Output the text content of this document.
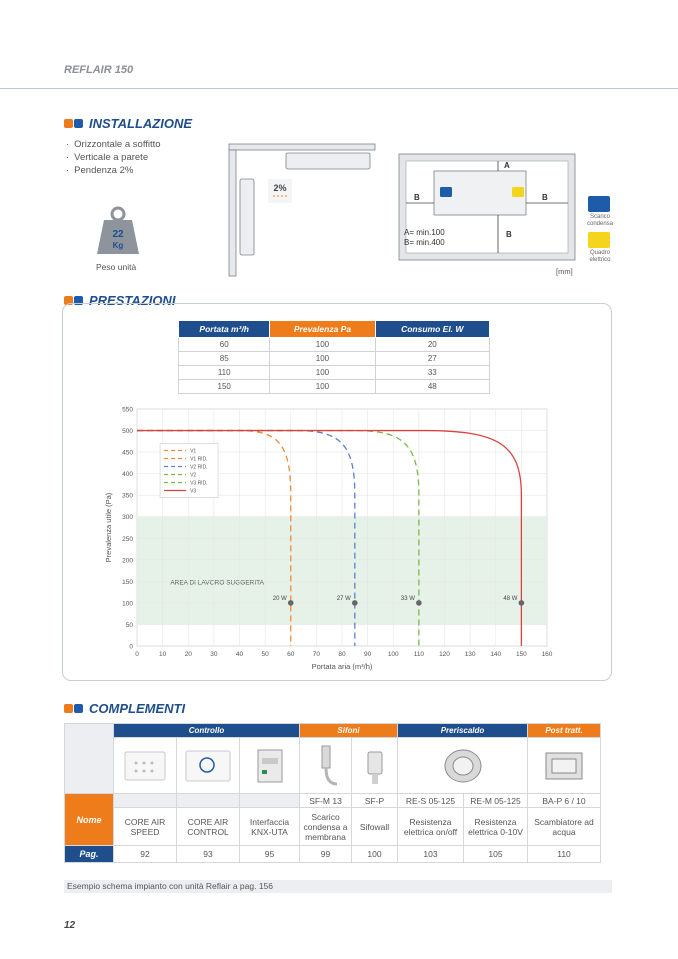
REFLAIR 150
INSTALLAZIONE
· Orizzontale a soffitto
· Verticale a parete
· Pendenza 2%
22
Kg
Peso unità
2%
A
B	B
B
A= min.100
B= min.400
[mm]
Scarico condensa
Quadro elettrico
PRESTAZIONI
Portata m³/h	Prevalenza Pa	Consumo El. W
60	100	20
85	100	27
110	100	33
150	100	48
AREA DI LAVORO SUGGERITA
0	10	20	30	40	50	60	70	80	90	100 110 120 130 140 150 160
0
50
100
150
200
250
300
350
400
450
500
550
Portata aria (m³/h)
Prevalenza utile (Pa)
20 W	27 W	33 W	48 W
V1
V1 RID.
V2 RID.
V2
V3 RID.
V3
COMPLEMENTI
	Controllo			Sifoni		Preriscaldo		Post tratt.

Nome				SF-M 13	SF-P	RE-S 05-125	RE-M 05-125	BA-P 6 / 10
	CORE AIR SPEED	CORE AIR CONTROL	Interfaccia KNX-UTA	Scarico condensa a membrana	Sifowall	Resistenza elettrica on/off	Resistenza elettrica 0-10V	Scambiatore ad acqua
Pag.	92	93	95	99	100	103	105	110
Esempio schema impianto con unità Reflair a pag. 156
12
